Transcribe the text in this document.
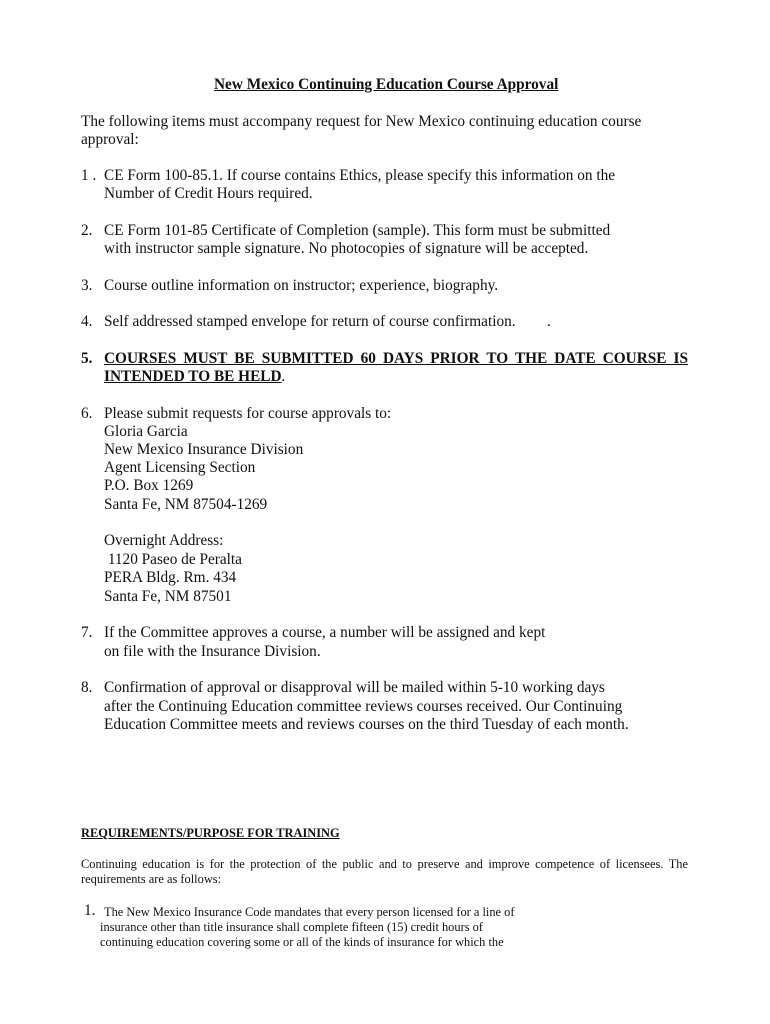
New Mexico Continuing Education Course Approval

The following items must accompany request for New Mexico continuing education course

approval:

1 . CE Form 100-85.1. If course contains Ethics, please specify this information on the

Number of Credit Hours required.

2. CE Form 101-85 Certificate of Completion (sample). This form must be submitted

with instructor sample signature. No photocopies of signature will be accepted.

3. Course outline information on instructor; experience, biography.

4. Self addressed stamped envelope for return of course confirmation. .

5. COURSES MUST BE SUBMITTED 60 DAYS PRIOR TO THE DATE COURSE IS

INTENDED TO BE HELD.

6. Please submit requests for course approvals to:

Gloria Garcia

New Mexico Insurance Division

Agent Licensing Section

P.O. Box 1269

Santa Fe, NM 87504-1269

Overnight Address:

1120 Paseo de Peralta

PERA Bldg. Rm. 434

Santa Fe, NM 87501

7. If the Committee approves a course, a number will be assigned and kept

on file with the Insurance Division.

8. Confirmation of approval or disapproval will be mailed within 5-10 working days

after the Continuing Education committee reviews courses received. Our Continuing

Education Committee meets and reviews courses on the third Tuesday of each month.

REQUIREMENTS/PURPOSE FOR TRAINING

Continuing education is for the protection of the public and to preserve and improve competence of licensees. The

requirements are as follows:

1. The New Mexico Insurance Code mandates that every person licensed for a line of

insurance other than title insurance shall complete fifteen (15) credit hours of

continuing education covering some or all of the kinds of insurance for which the
